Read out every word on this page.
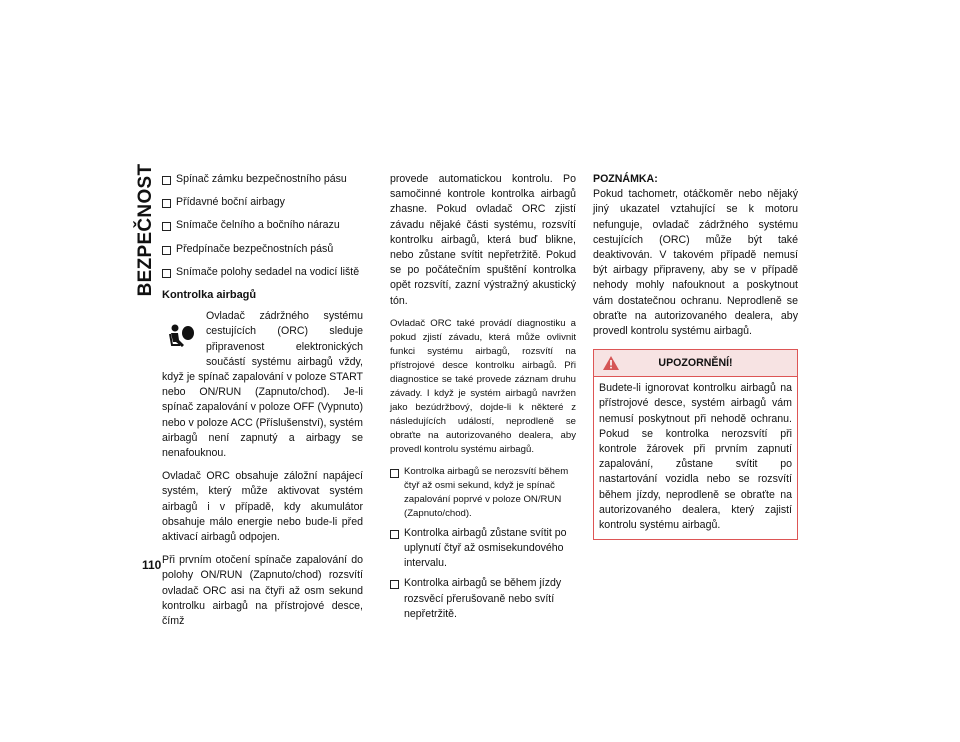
BEZPEČNOST
110
Spínač zámku bezpečnostního pásu
Přídavné boční airbagy
Snímače čelního a bočního nárazu
Předpínače bezpečnostních pásů
Snímače polohy sedadel na vodicí liště
Kontrolka airbagů

Ovladač zádržného systému cestujících (ORC) sleduje připravenost elektronických součástí systému airbagů vždy, když je spínač zapalování v poloze START nebo ON/RUN (Zapnuto/chod). Je-li spínač zapalování v poloze OFF (Vypnuto) nebo v poloze ACC (Příslušenství), systém airbagů není zapnutý a airbagy se nenafouknou.

Ovladač ORC obsahuje záložní napájecí systém, který může aktivovat systém airbagů i v případě, kdy akumulátor obsahuje málo energie nebo bude-li před aktivací airbagů odpojen.

Při prvním otočení spínače zapalování do polohy ON/RUN (Zapnuto/chod) rozsvítí ovladač ORC asi na čtyři až osm sekund kontrolku airbagů na přístrojové desce, čímž

provede automatickou kontrolu. Po samočinné kontrole kontrolka airbagů zhasne. Pokud ovladač ORC zjistí závadu nějaké části systému, rozsvítí kontrolku airbagů, která buď blikne, nebo zůstane svítit nepřetržitě. Pokud se po počátečním spuštění kontrolka opět rozsvítí, zazní výstražný akustický tón.

Ovladač ORC také provádí diagnostiku a pokud zjistí závadu, která může ovlivnit funkci systému airbagů, rozsvítí na přístrojové desce kontrolku airbagů. Při diagnostice se také provede záznam druhu závady. I když je systém airbagů navržen jako bezúdržbový, dojde-li k některé z následujících událostí, neprodleně se obraťte na autorizovaného dealera, aby provedl kontrolu systému airbagů.

Kontrolka airbagů se nerozsvítí během čtyř až osmi sekund, když je spínač zapalování poprvé v poloze ON/RUN (Zapnuto/chod).
Kontrolka airbagů zůstane svítit po uplynutí čtyř až osmisekundového intervalu.
Kontrolka airbagů se během jízdy rozsvěcí přerušovaně nebo svítí nepřetržitě.
POZNÁMKA:

Pokud tachometr, otáčkoměr nebo nějaký jiný ukazatel vztahující se k motoru nefunguje, ovladač zádržného systému cestujících (ORC) může být také deaktivován. V takovém případě nemusí být airbagy připraveny, aby se v případě nehody mohly nafouknout a poskytnout vám dostatečnou ochranu. Neprodleně se obraťte na autorizovaného dealera, aby provedl kontrolu systému airbagů.

UPOZORNĚNÍ!

Budete-li ignorovat kontrolku airbagů na přístrojové desce, systém airbagů vám nemusí poskytnout při nehodě ochranu. Pokud se kontrolka nerozsvítí při kontrole žárovek při prvním zapnutí zapalování, zůstane svítit po nastartování vozidla nebo se rozsvítí během jízdy, neprodleně se obraťte na autorizovaného dealera, který zajistí kontrolu systému airbagů.
